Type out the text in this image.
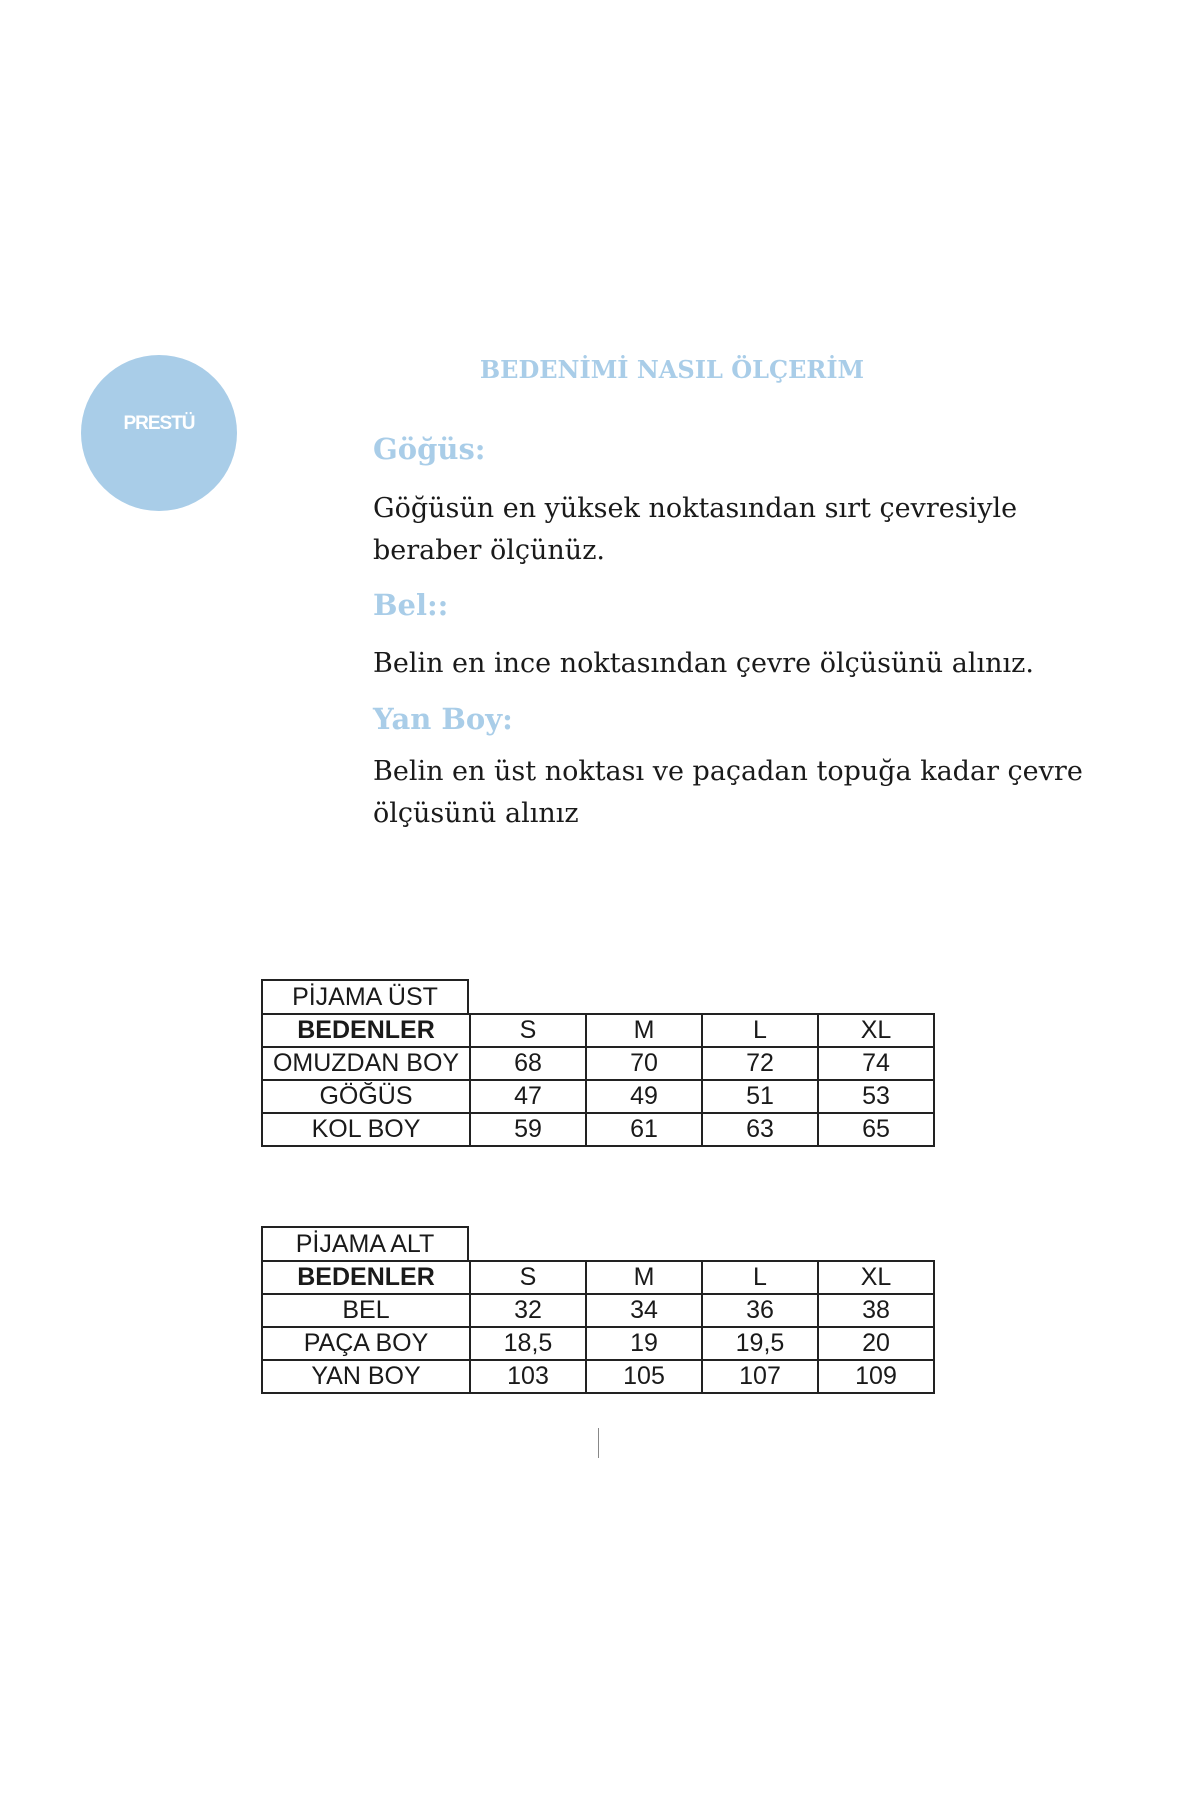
PRESTÜ
BEDENİMİ NASIL ÖLÇERİM
Göğüs:
Göğüsün en yüksek noktasından sırt çevresiyle beraber ölçünüz.
Bel::
Belin en ince noktasından çevre ölçüsünü alınız.
Yan Boy:
Belin en üst noktası ve paçadan topuğa kadar çevre ölçüsünü alınız
PİJAMA ÜST
BEDENLER	S	M	L	XL
OMUZDAN BOY	68	70	72	74
GÖĞÜS	47	49	51	53
KOL BOY	59	61	63	65
PİJAMA ALT
BEDENLER	S	M	L	XL
BEL	32	34	36	38
PAÇA BOY	18,5	19	19,5	20
YAN BOY	103	105	107	109
